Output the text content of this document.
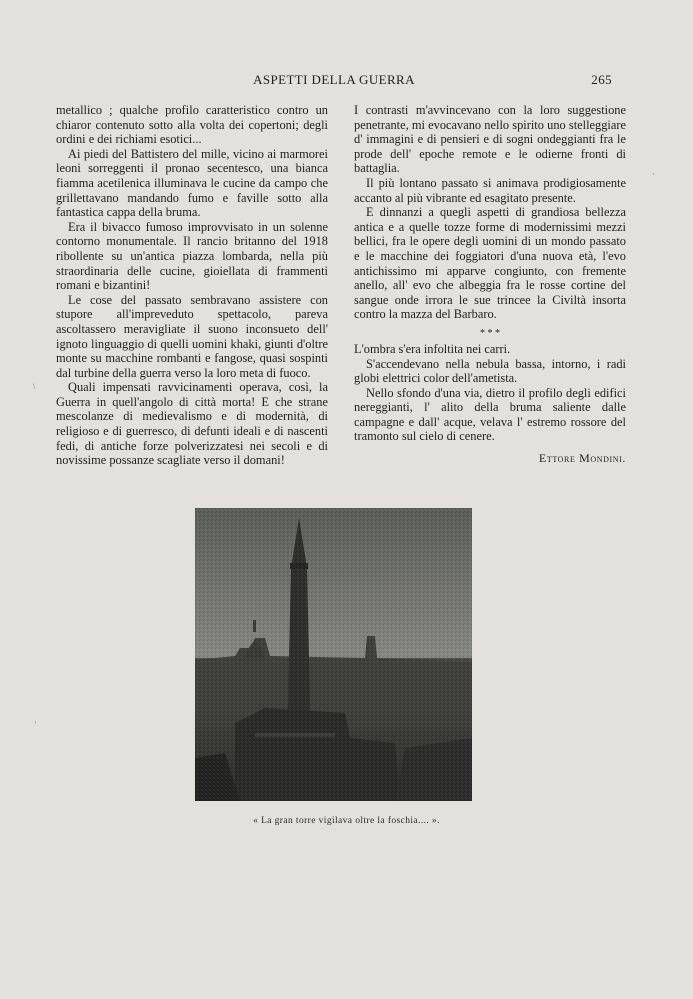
ASPETTI DELLA GUERRA	265

metallico ; qualche profilo caratteristico contro un chiaror contenuto sotto alla volta dei copertoni; degli ordini e dei richiami esotici...

Ai piedi del Battistero del mille, vicino ai marmorei leoni sorreggenti il pronao secentesco, una bianca fiamma acetilenica illuminava le cucine da campo che grillettavano mandando fumo e faville sotto alla fantastica cappa della bruma.

Era il bivacco fumoso improvvisato in un solenne contorno monumentale. Il rancio britanno del 1918 ribollente su un'antica piazza lombarda, nella più straordinaria delle cucine, gioiellata di frammenti romani e bizantini!

Le cose del passato sembravano assistere con stupore all'impreveduto spettacolo, pareva ascoltassero meravigliate il suono inconsueto dell' ignoto linguaggio di quelli uomini khaki, giunti d'oltre monte su macchine rombanti e fangose, quasi sospinti dal turbine della guerra verso la loro meta di fuoco.

Quali impensati ravvicinamenti operava, così, la Guerra in quell'angolo di città morta! E che strane mescolanze di medievalismo e di modernità, di religioso e di guerresco, di defunti ideali e di nascenti fedi, di antiche forze polverizzatesi nei secoli e di novissime possanze scagliate verso il domani!

I contrasti m'avvincevano con la loro suggestione penetrante, mi evocavano nello spirito uno stelleggiare d' immagini e di pensieri e di sogni ondeggianti fra le prode dell' epoche remote e le odierne fronti di battaglia.

Il più lontano passato si animava prodigiosamente accanto al più vibrante ed esagitato presente.

E dinnanzi a quegli aspetti di grandiosa bellezza antica e a quelle tozze forme di modernissimi mezzi bellici, fra le opere degli uomini di un mondo passato e le macchine dei foggiatori d'una nuova età, l'evo antichissimo mi apparve congiunto, con fremente anello, all' evo che albeggia fra le rosse cortine del sangue onde irrora le sue trincee la Civiltà insorta contro la mazza del Barbaro.

* * *

L'ombra s'era infoltita nei carri.

S'accendevano nella nebula bassa, intorno, i radi globi elettrici color dell'ametista.

Nello sfondo d'una via, dietro il profilo degli edifici nereggianti, l' alito della bruma saliente dalle campagne e dall' acque, velava l' estremo rossore del tramonto sul cielo di cenere.

Ettore Mondini.
« La gran torre vigilava oltre la foschia.... ».
\
·
'
